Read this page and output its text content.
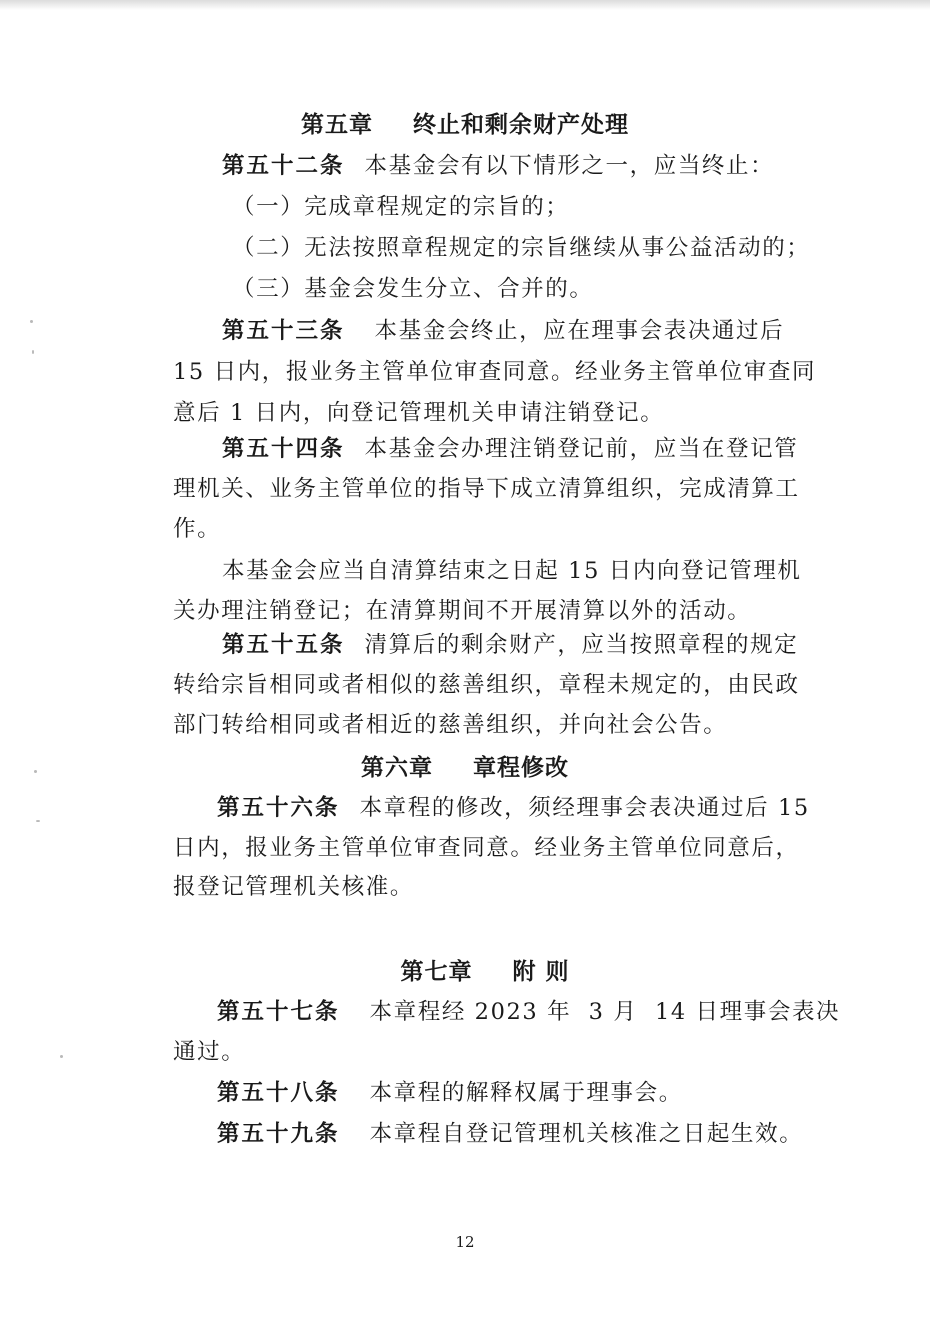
第五章 终止和剩余财产处理
第五十二条 本基金会有以下情形之一，应当终止：
（一）完成章程规定的宗旨的；
（二）无法按照章程规定的宗旨继续从事公益活动的；
（三）基金会发生分立、合并的。
第五十三条 本基金会终止，应在理事会表决通过后
15 日内，报业务主管单位审查同意。经业务主管单位审查同
意后 1 日内，向登记管理机关申请注销登记。
第五十四条 本基金会办理注销登记前，应当在登记管
理机关、业务主管单位的指导下成立清算组织，完成清算工
作。
本基金会应当自清算结束之日起 15 日内向登记管理机
关办理注销登记；在清算期间不开展清算以外的活动。
第五十五条 清算后的剩余财产，应当按照章程的规定
转给宗旨相同或者相似的慈善组织，章程未规定的，由民政
部门转给相同或者相近的慈善组织，并向社会公告。
第六章 章程修改
第五十六条 本章程的修改，须经理事会表决通过后 15
日内，报业务主管单位审查同意。经业务主管单位同意后，
报登记管理机关核准。
第七章 附 则
第五十七条 本章程经 2023 年  3 月  14 日理事会表决
通过。
第五十八条 本章程的解释权属于理事会。
第五十九条 本章程自登记管理机关核准之日起生效。
12
